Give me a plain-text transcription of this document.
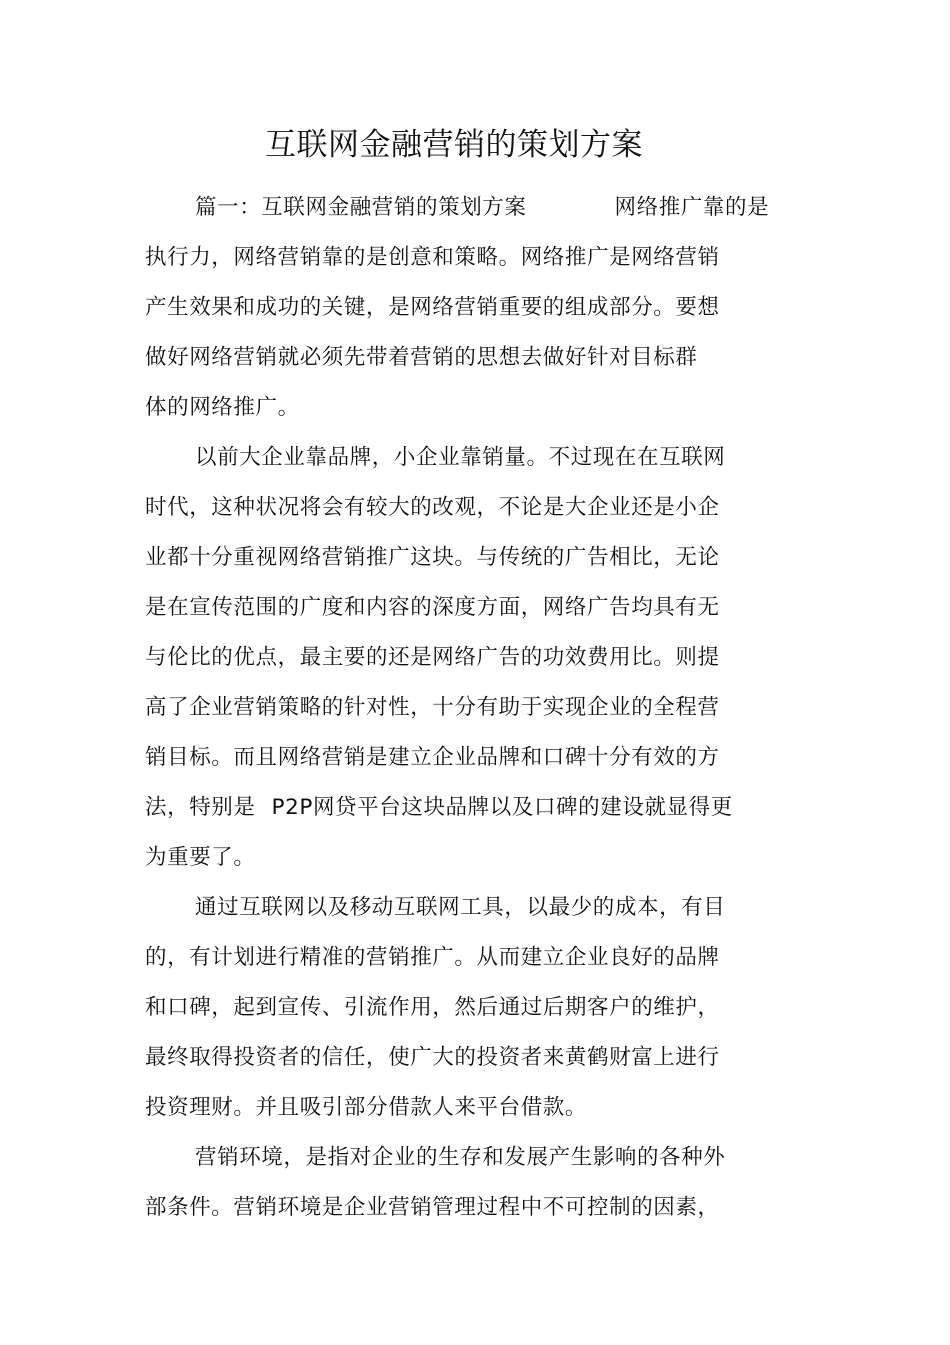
互联网金融营销的策划方案
篇一：互联网金融营销的策划方案	网络推广靠的是
执行力，网络营销靠的是创意和策略。网络推广是网络营销
产生效果和成功的关键，是网络营销重要的组成部分。要想
做好网络营销就必须先带着营销的思想去做好针对目标群
体的网络推广。
以前大企业靠品牌，小企业靠销量。不过现在在互联网
时代，这种状况将会有较大的改观，不论是大企业还是小企
业都十分重视网络营销推广这块。与传统的广告相比，无论
是在宣传范围的广度和内容的深度方面，网络广告均具有无
与伦比的优点，最主要的还是网络广告的功效费用比。则提
高了企业营销策略的针对性，十分有助于实现企业的全程营
销目标。而且网络营销是建立企业品牌和口碑十分有效的方
法，特别是 P2P网贷平台这块品牌以及口碑的建设就显得更
为重要了。
通过互联网以及移动互联网工具，以最少的成本，有目
的，有计划进行精准的营销推广。从而建立企业良好的品牌
和口碑，起到宣传、引流作用，然后通过后期客户的维护，
最终取得投资者的信任，使广大的投资者来黄鹤财富上进行
投资理财。并且吸引部分借款人来平台借款。
营销环境，是指对企业的生存和发展产生影响的各种外
部条件。营销环境是企业营销管理过程中不可控制的因素，
